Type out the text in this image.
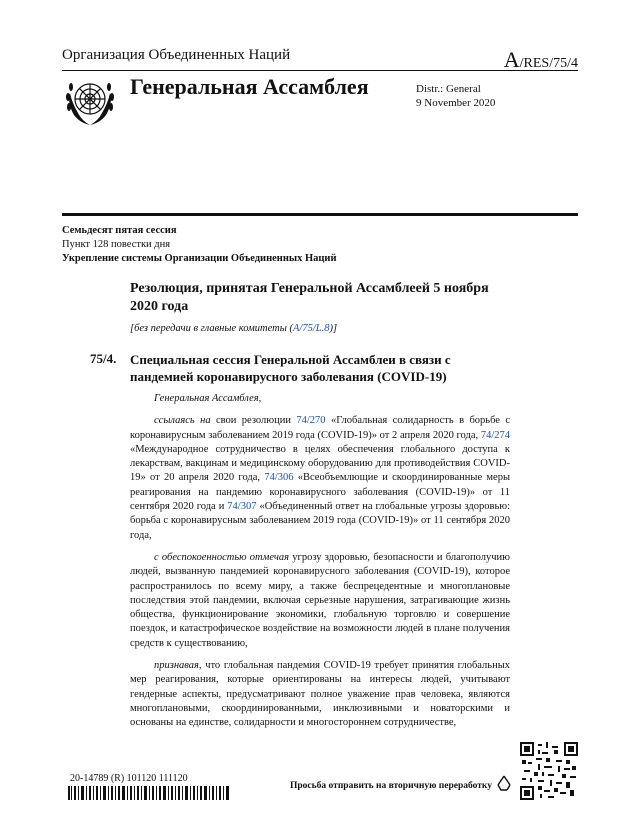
Организация Объединенных Наций	A/RES/75/4
Генеральная Ассамблея	Distr.: General
9 November 2020
Семьдесят пятая сессия
Пункт 128 повестки дня
Укрепление системы Организации Объединенных Наций
Резолюция, принятая Генеральной Ассамблеей 5 ноября 2020 года
[без передачи в главные комитеты (A/75/L.8)]
75/4. Специальная сессия Генеральной Ассамблеи в связи с пандемией коронавирусного заболевания (COVID-19)

Генеральная Ассамблея,

ссылаясь на свои резолюции 74/270 «Глобальная солидарность в борьбе с коронавирусным заболеванием 2019 года (COVID-19)» от 2 апреля 2020 года, 74/274 «Международное сотрудничество в целях обеспечения глобального доступа к лекарствам, вакцинам и медицинскому оборудованию для противодействия COVID-19» от 20 апреля 2020 года, 74/306 «Всеобъемлющие и скоординированные меры реагирования на пандемию коронавирусного заболевания (COVID-19)» от 11 сентября 2020 года и 74/307 «Объединенный ответ на глобальные угрозы здоровью: борьба с коронавирусным заболеванием 2019 года (COVID-19)» от 11 сентября 2020 года,

с обеспокоенностью отмечая угрозу здоровью, безопасности и благополучию людей, вызванную пандемией коронавирусного заболевания (COVID-19), которое распространилось по всему миру, а также беспрецедентные и многоплановые последствия этой пандемии, включая серьезные нарушения, затрагивающие жизнь общества, функционирование экономики, глобальную торговлю и совершение поездок, и катастрофическое воздействие на возможности людей в плане получения средств к существованию,

признавая, что глобальная пандемия COVID-19 требует принятия глобальных мер реагирования, которые ориентированы на интересы людей, учитывают гендерные аспекты, предусматривают полное уважение прав человека, являются многоплановыми, скоординированными, инклюзивными и новаторскими и основаны на единстве, солидарности и многостороннем сотрудничестве,

20-14789 (R) 101120 111120
Просьба отправить на вторичную переработку
